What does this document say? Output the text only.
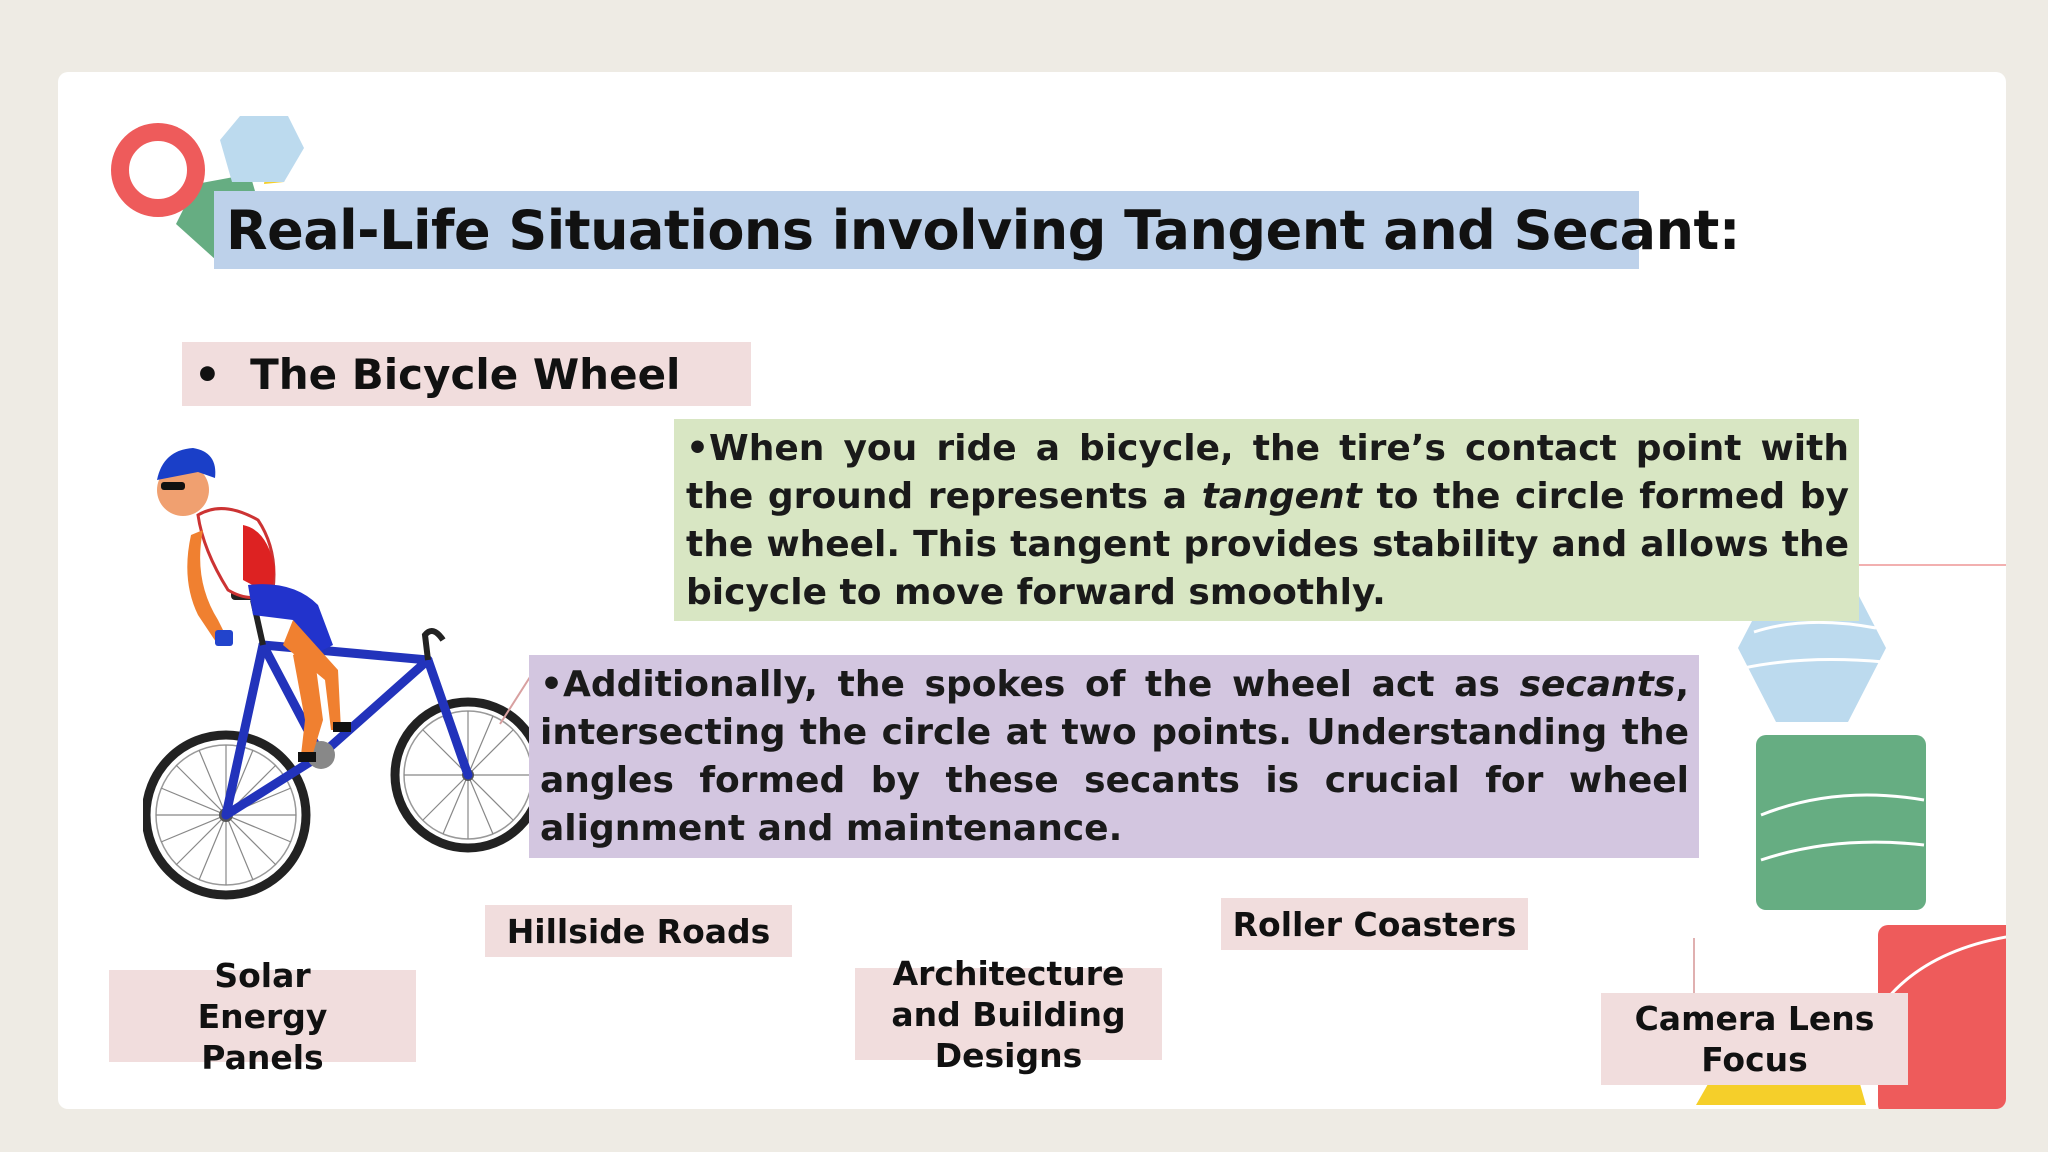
Real-Life Situations involving Tangent and Secant:
• The Bicycle Wheel
•When you ride a bicycle, the tire’s contact point with the ground represents a tangent to the circle formed by the wheel. This tangent provides stability and allows the bicycle to move forward smoothly.
•Additionally, the spokes of the wheel act as secants, intersecting the circle at two points. Understanding the angles formed by these secants is crucial for wheel alignment and maintenance.
Solar Energy Panels
Hillside Roads
Architecture and Building Designs
Roller Coasters
Camera Lens Focus
